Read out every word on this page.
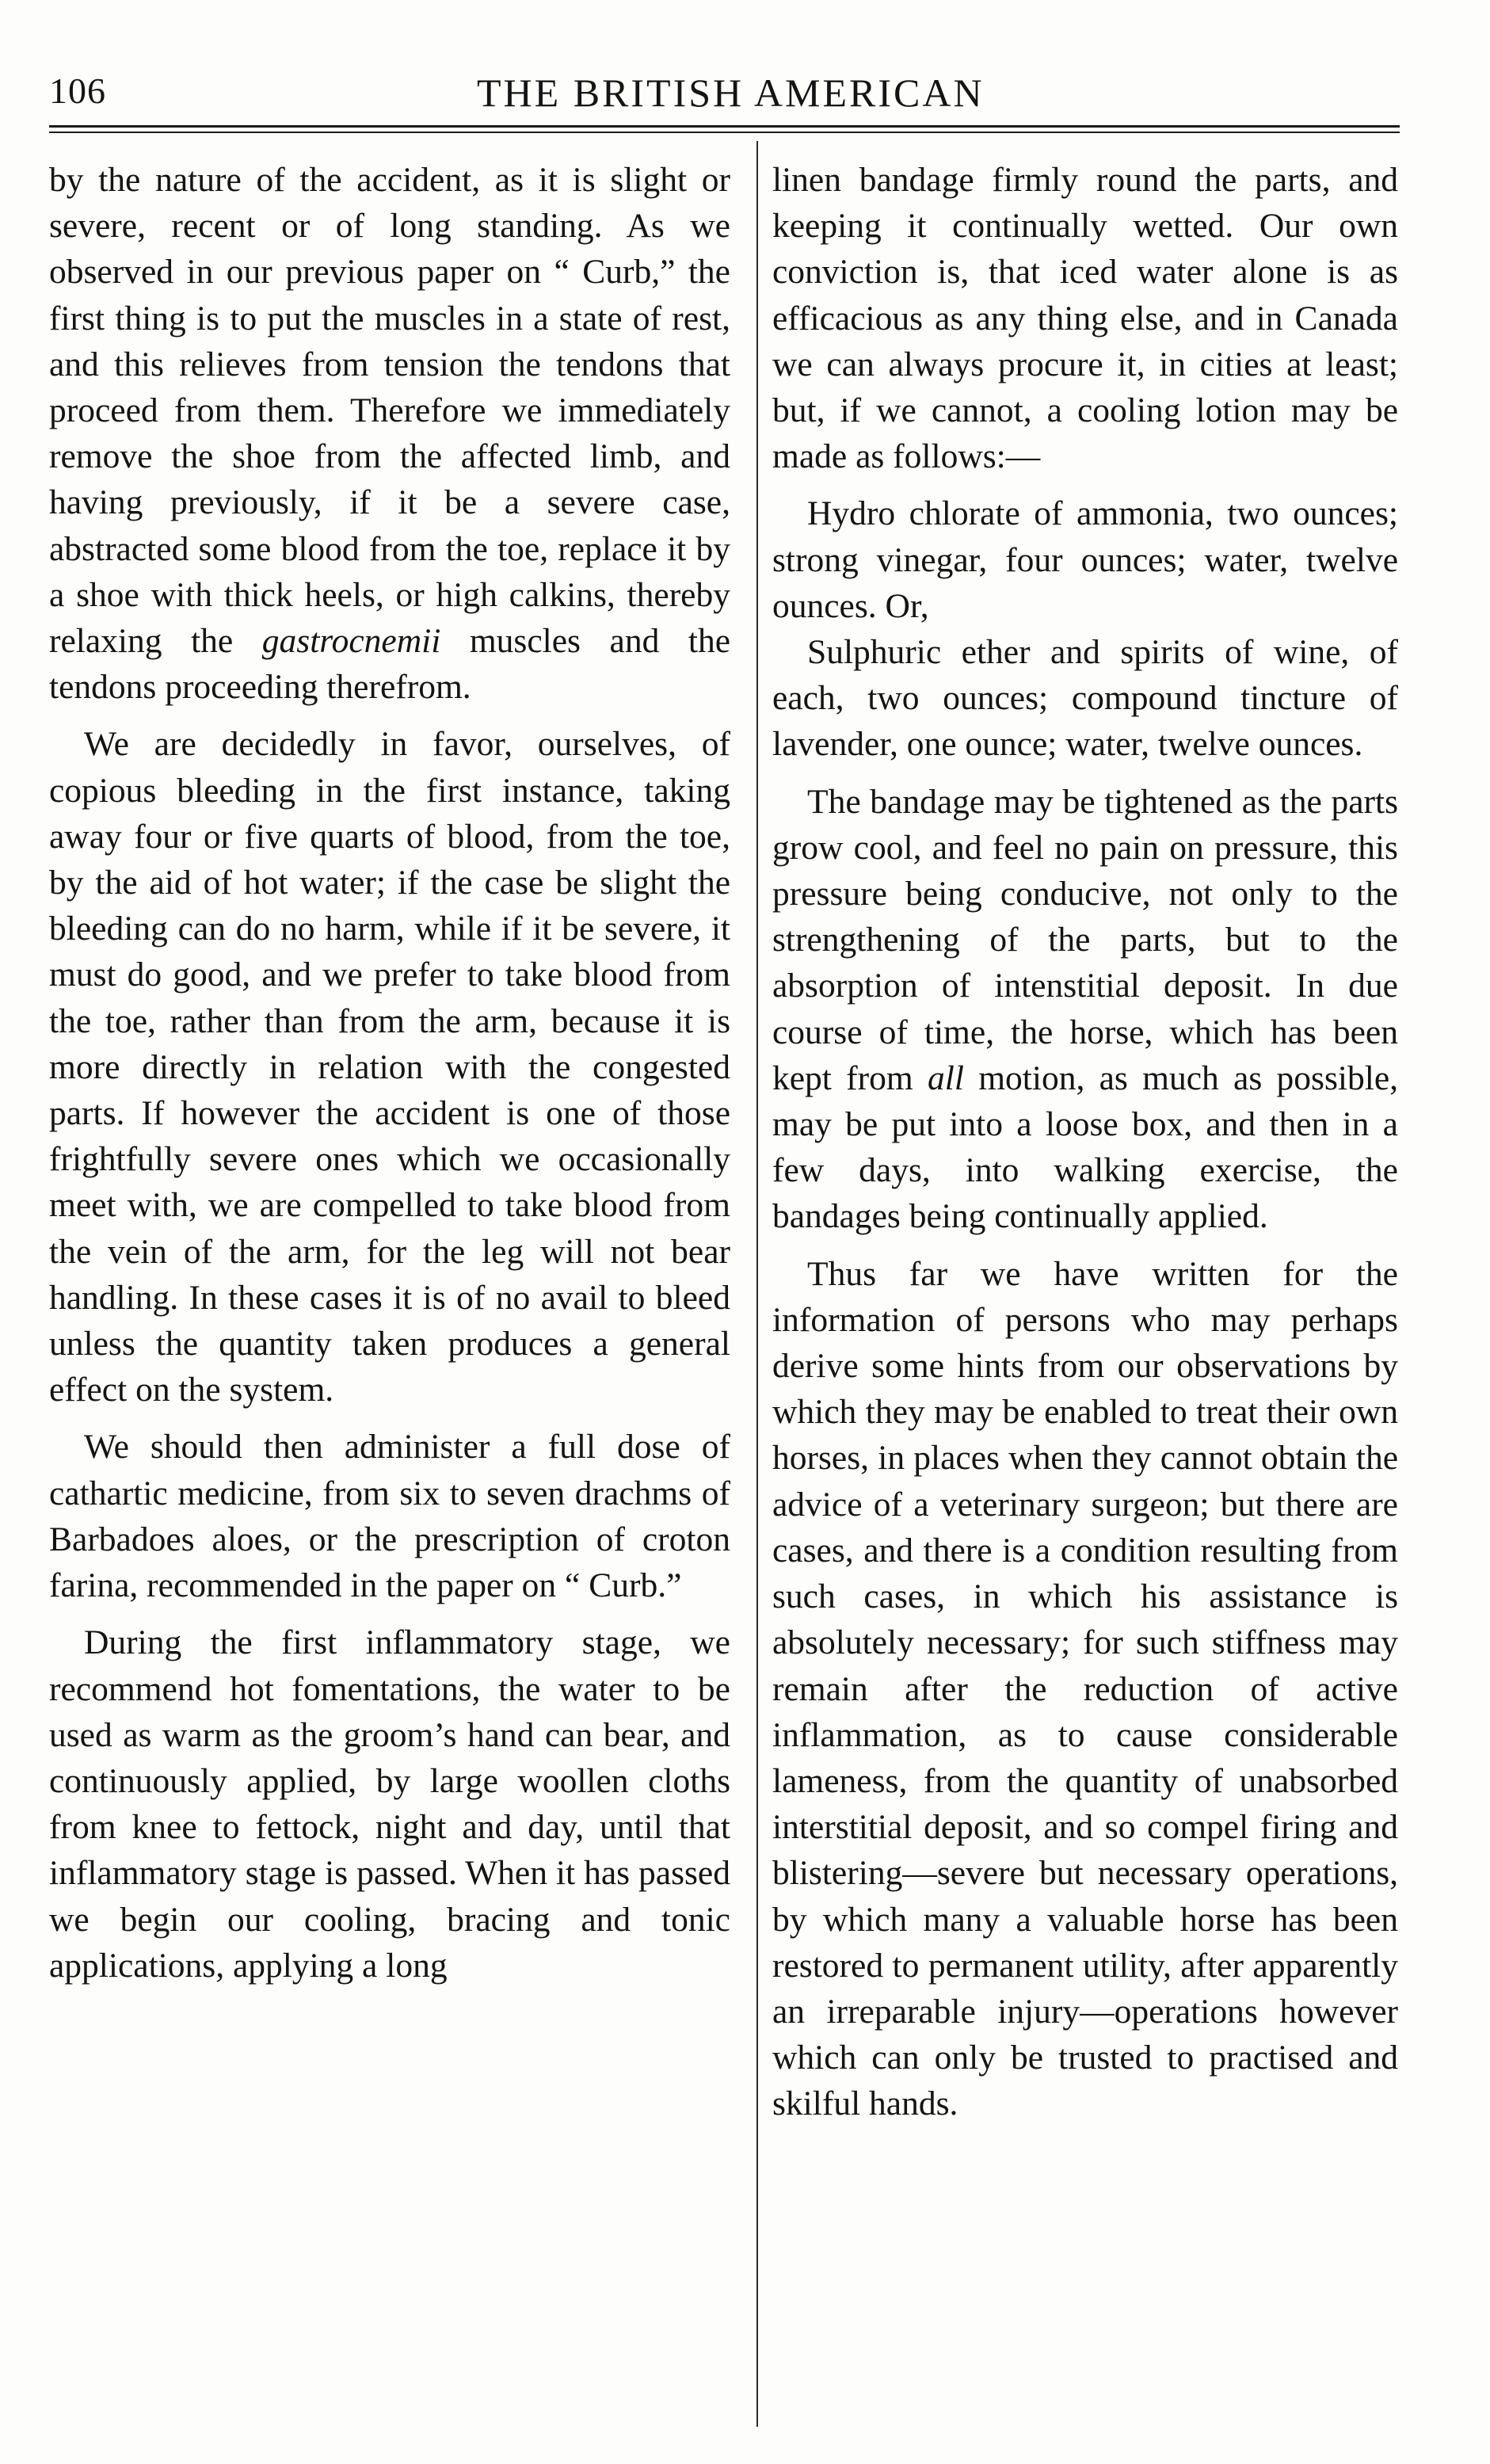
106	THE BRITISH AMERICAN

by the nature of the accident, as it is slight or severe, recent or of long standing. As we observed in our previous paper on “ Curb,” the first thing is to put the muscles in a state of rest, and this relieves from tension the tendons that proceed from them. Therefore we immediately remove the shoe from the affected limb, and having previously, if it be a severe case, abstracted some blood from the toe, replace it by a shoe with thick heels, or high calkins, thereby relaxing the gastrocnemii muscles and the tendons proceeding therefrom.

We are decidedly in favor, ourselves, of copious bleeding in the first instance, taking away four or five quarts of blood, from the toe, by the aid of hot water; if the case be slight the bleeding can do no harm, while if it be severe, it must do good, and we prefer to take blood from the toe, rather than from the arm, because it is more directly in relation with the congested parts. If however the accident is one of those frightfully severe ones which we occasionally meet with, we are compelled to take blood from the vein of the arm, for the leg will not bear handling. In these cases it is of no avail to bleed unless the quantity taken produces a general effect on the system.

We should then administer a full dose of cathartic medicine, from six to seven drachms of Barbadoes aloes, or the prescription of croton farina, recommended in the paper on “ Curb.”

During the first inflammatory stage, we recommend hot fomentations, the water to be used as warm as the groom’s hand can bear, and continuously applied, by large woollen cloths from knee to fettock, night and day, until that inflammatory stage is passed. When it has passed we begin our cooling, bracing and tonic applications, applying a long

linen bandage firmly round the parts, and keeping it continually wetted. Our own conviction is, that iced water alone is as efficacious as any thing else, and in Canada we can always procure it, in cities at least; but, if we cannot, a cooling lotion may be made as follows:—

Hydro chlorate of ammonia, two ounces; strong vinegar, four ounces; water, twelve ounces. Or,

Sulphuric ether and spirits of wine, of each, two ounces; compound tincture of lavender, one ounce; water, twelve ounces.

The bandage may be tightened as the parts grow cool, and feel no pain on pressure, this pressure being conducive, not only to the strengthening of the parts, but to the absorption of intenstitial deposit. In due course of time, the horse, which has been kept from all motion, as much as possible, may be put into a loose box, and then in a few days, into walking exercise, the bandages being continually applied.

Thus far we have written for the information of persons who may perhaps derive some hints from our observations by which they may be enabled to treat their own horses, in places when they cannot obtain the advice of a veterinary surgeon; but there are cases, and there is a condition resulting from such cases, in which his assistance is absolutely necessary; for such stiffness may remain after the reduction of active inflammation, as to cause considerable lameness, from the quantity of unabsorbed interstitial deposit, and so compel firing and blistering—severe but necessary operations, by which many a valuable horse has been restored to permanent utility, after apparently an irreparable injury—operations however which can only be trusted to practised and skilful hands.
